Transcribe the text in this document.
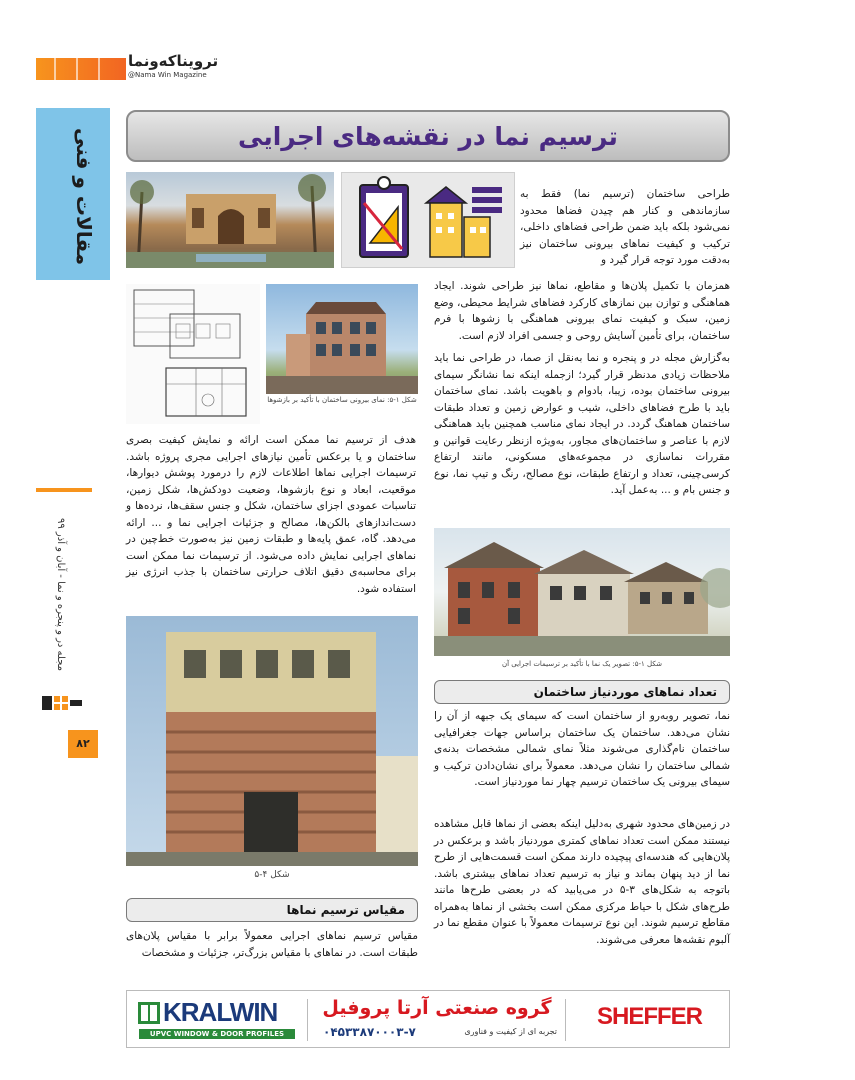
ترویناکه‌ونما
@Nama Win Magazine
مقالات و فنی
مجله در و پنجره و نما - آبان و آذر ۹۹
۸۲
ترسیم نما در نقشه‌های اجرایی
طراحی ساختمان (ترسیم نما) فقط به سازماندهی و کنار هم چیدن فضاها محدود نمی‌شود بلکه باید ضمن طراحی فضاهای داخلی، ترکیب و کیفیت نماهای بیرونی ساختمان نیز به‌دقت مورد توجه قرار گیرد و
همزمان با تکمیل پلان‌ها و مقاطع، نماها نیز طراحی شوند. ایجاد هماهنگی و توازن بین نمازهای کارکرد فضاهای شرایط محیطی، وضع زمین، سبک و کیفیت نمای بیرونی هماهنگی با زشوها با فرم ساختمان، برای تأمین آسایش روحی و جسمی افراد لازم است.
به‌گزارش مجله در و پنجره و نما به‌نقل از صما، در طراحی نما باید ملاحظات زیادی مدنظر قرار گیرد؛ ازجمله اینکه نما نشانگر سیمای بیرونی ساختمان بوده، زیبا، بادوام و باهویت باشد. نمای ساختمان باید با طرح فضاهای داخلی، شیب و عوارض زمین و تعداد طبقات ساختمان هماهنگ گردد. در ایجاد نمای مناسب همچنین باید هماهنگی لازم با عناصر و ساختمان‌های مجاور، به‌ویژه ازنظر رعایت قوانین و مقررات نماسازی در مجموعه‌های مسکونی، مانند ارتفاع کرسی‌چینی، تعداد و ارتفاع طبقات، نوع مصالح، رنگ و تیپ نما، نوع و جنس بام و ... به‌عمل آید.
شکل ۱-۵: نمای بیرونی ساختمان با تأکید بر بازشوها
هدف از ترسیم نما ممکن است ارائه و نمایش کیفیت بصری ساختمان و یا برعکس تأمین نیازهای اجرایی مجری پروژه باشد. ترسیمات اجرایی نماها اطلاعات لازم را درمورد پوشش دیوارها، موقعیت، ابعاد و نوع بازشوها، وضعیت دودکش‌ها، شکل زمین، تناسبات عمودی اجزای ساختمان، شکل و جنس سقف‌ها، نرده‌ها و دست‌اندازهای بالکن‌ها، مصالح و جزئیات اجرایی نما و ... ارائه می‌دهد. گاه، عمق پایه‌ها و طبقات زمین نیز به‌صورت خط‌چین در نماهای اجرایی نمایش داده می‌شود. از ترسیمات نما ممکن است برای محاسبه‌ی دقیق اتلاف حرارتی ساختمان با جذب انرژی نیز استفاده شود.
شکل ۱-۵: تصویر یک نما با تأکید بر ترسیمات اجرایی آن
تعداد نماهای موردنیاز ساختمان
نما، تصویر روبه‌رو از ساختمان است که سیمای یک جبهه از آن را نشان می‌دهد. ساختمان یک ساختمان براساس جهات جغرافیایی ساختمان نام‌گذاری می‌شوند مثلاً نمای شمالی مشخصات بدنه‌ی شمالی ساختمان را نشان می‌دهد. معمولاً برای نشان‌دادن ترکیب و سیمای بیرونی یک ساختمان ترسیم چهار نما موردنیاز است.
در زمین‌های محدود شهری به‌دلیل اینکه بعضی از نماها قابل مشاهده نیستند ممکن است تعداد نماهای کمتری موردنیاز باشد و برعکس در پلان‌هایی که هندسه‌ای پیچیده دارند ممکن است قسمت‌هایی از طرح نما از دید پنهان بماند و نیاز به ترسیم تعداد نماهای بیشتری باشد. باتوجه به شکل‌های ۳-۵ در می‌یابید که در بعضی طرح‌ها مانند طرح‌های شکل با حیاط مرکزی ممکن است بخشی از نماها به‌همراه مقاطع ترسیم شوند. این نوع ترسیمات معمولاً با عنوان مقطع نما در آلبوم نقشه‌ها معرفی می‌شوند.
شکل ۴-۵
مقیاس ترسیم نماها
مقیاس ترسیم نماهای اجرایی معمولاً برابر با مقیاس پلان‌های طبقات است. در نماهای با مقیاس بزرگ‌تر، جزئیات و مشخصات
KRALWIN
UPVC WINDOW & DOOR PROFILES
گروه صنعتی آرتا پروفیل
۰۴۵۳۳۸۷۰۰۰۳-۷	تجربه ای از کیفیت و فناوری
SHEFFER
